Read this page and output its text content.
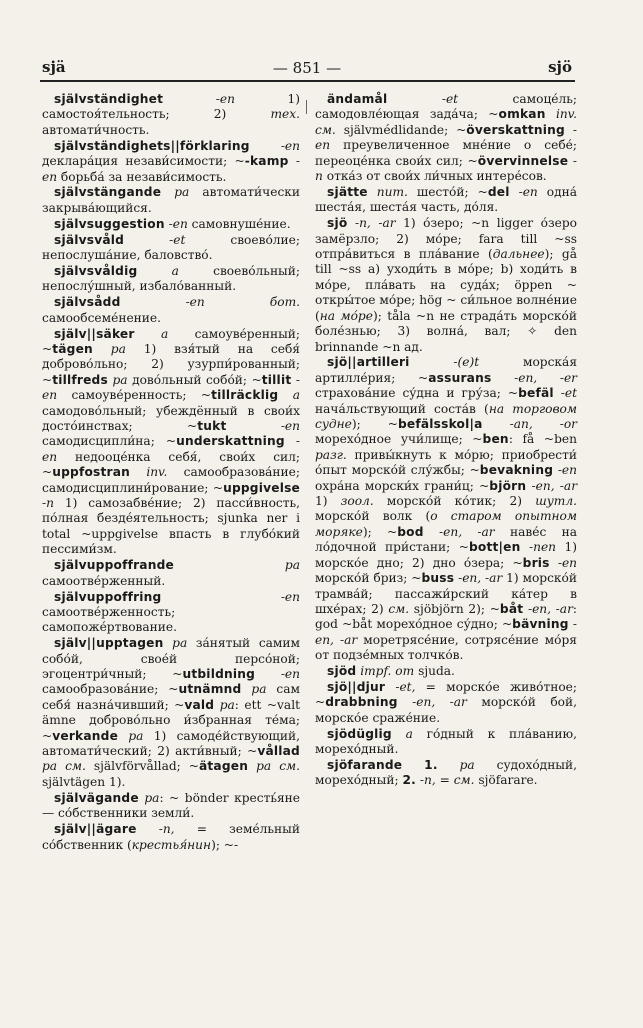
sjä	— 851 —	sjö

självständighet	-en 1) самостоя́тельность; 2) тех. автомати́чность.

självständighets||förklaring	-en деклара́ция незави́симости; ~-kamp -en борьба́ за незави́симость.

självstängande pa автомати́чески закрыва́ющийся.

självsuggestion -en самовнуше́ние.

självsvåld	-et своево́лие; непослуша́ние, баловство́.

självsvåldig	a своево́льный; непослу́шный, избало́ванный.

självsådd	-en бот. самообсеме́нение.

själv||säker a самоуве́ренный; ~tägen pa 1) взя́тый на себя́ доброво́льно; 2) узурпи́рованный; ~tillfreds pa дово́льный собо́й; ~tillit -en самоуве́ренность; ~tillräcklig a самодово́льный; убеждённый в свои́х досто́инствах; ~tukt	-en самодисципли́на; ~underskattning -en недооце́нка себя́, свои́х сил; ~uppfostran inv. самообразова́ние; самодисциплини́рование; ~uppgivelse -n 1) самозабве́ние; 2) пасси́вность, по́лная безде́ятельность; sjunka ner i total ~uppgivelse впасть в глубо́кий пессими́зм.

självuppoffrande	pa самоотве́рженный.

självuppoffring	-en самоотве́рженность; самопоже́ртвование.

själv||upptagen pa за́нятый самим собо́й, свое́й персо́ной; эгоцентри́чный; ~utbildning -en самообразова́ние; ~utnämnd pa сам себя́ назна́чивший; ~vald pa: ett ~valt ämne доброво́льно и́збранная те́ма; ~verkande pa 1) самоде́йствующий, автомати́ческий; 2) акти́вный; ~vållad pa см. självförvållad; ~ätagen pa см. självtägen 1).

självägande pa: ~ bönder кресть́яне — со́бственники земли́.

själv||ägare -n, = земе́льный со́бственник (крестья́нин); ~-

ändamål	-et самоце́ль; самодовле́ющая зада́ча; ~omkan inv. см. självmédlidande; ~överskattning -en преувеличенное мне́ние о себе́; переоце́нка свои́х сил; ~övervinnelse -n отка́з от свои́х ли́чных интере́сов.

sjätte num. шесто́й; ~del -en одна́ шеста́я, шеста́я часть, до́ля.

sjö -n, -ar 1) о́зеро; ~n ligger о́зеро замёрзло; 2) мо́ре; fara till ~ss отпра́виться в пла́вание (дальнее); gå till ~ss а) уходи́ть в мо́ре; b) ходи́ть в мо́ре, пла́вать на суда́х; öppen ~ откры́тое мо́ре; hög ~ си́льное волне́ние (на мо́ре); tåla ~n не страда́ть морско́й боле́знью; 3) волна́, вал; ✧ den brinnande ~n ад.

sjö||artilleri	-(e)t морска́я артилле́рия; ~assurans -en, -er страхова́ние су́дна и гру́за; ~befäl -et нача́льствующий соста́в (на торговом судне); ~befälsskol|a -an, -or морехо́дное учи́лище; ~ben: få ~ben разг. привы́кнуть к мо́рю; приобрести́ о́пыт морско́й слу́жбы; ~bevakning -en охра́на морски́х грани́ц; ~björn -en, -ar 1) зоол. морско́й ко́тик; 2) шутл. морско́й волк (о старом опытном моряке); ~bod -en, -ar наве́с на ло́дочной при́стани; ~bott|en -nen 1) морско́е дно; 2) дно о́зера; ~bris -en морско́й бриз; ~buss -en, -ar 1) морско́й трамва́й; пассажи́рский ка́тер в шхе́рах; 2) см. sjöbjörn 2); ~båt -en, -ar: god ~båt морехо́дное су́дно; ~bävning -en, -ar моретрясе́ние, сотрясе́ние мо́ря от подзе́мных толчко́в.

sjöd impf. от sjuda.

sjö||djur -et, = морско́е живо́тное; ~drabbning -en, -ar морско́й бой, морско́е сраже́ние.

sjödüglig a го́дный к пла́ванию, морехо́дный.

sjöfarande 1. pa судохо́дный, морехо́дный; 2. -n, = см. sjöfarare.
